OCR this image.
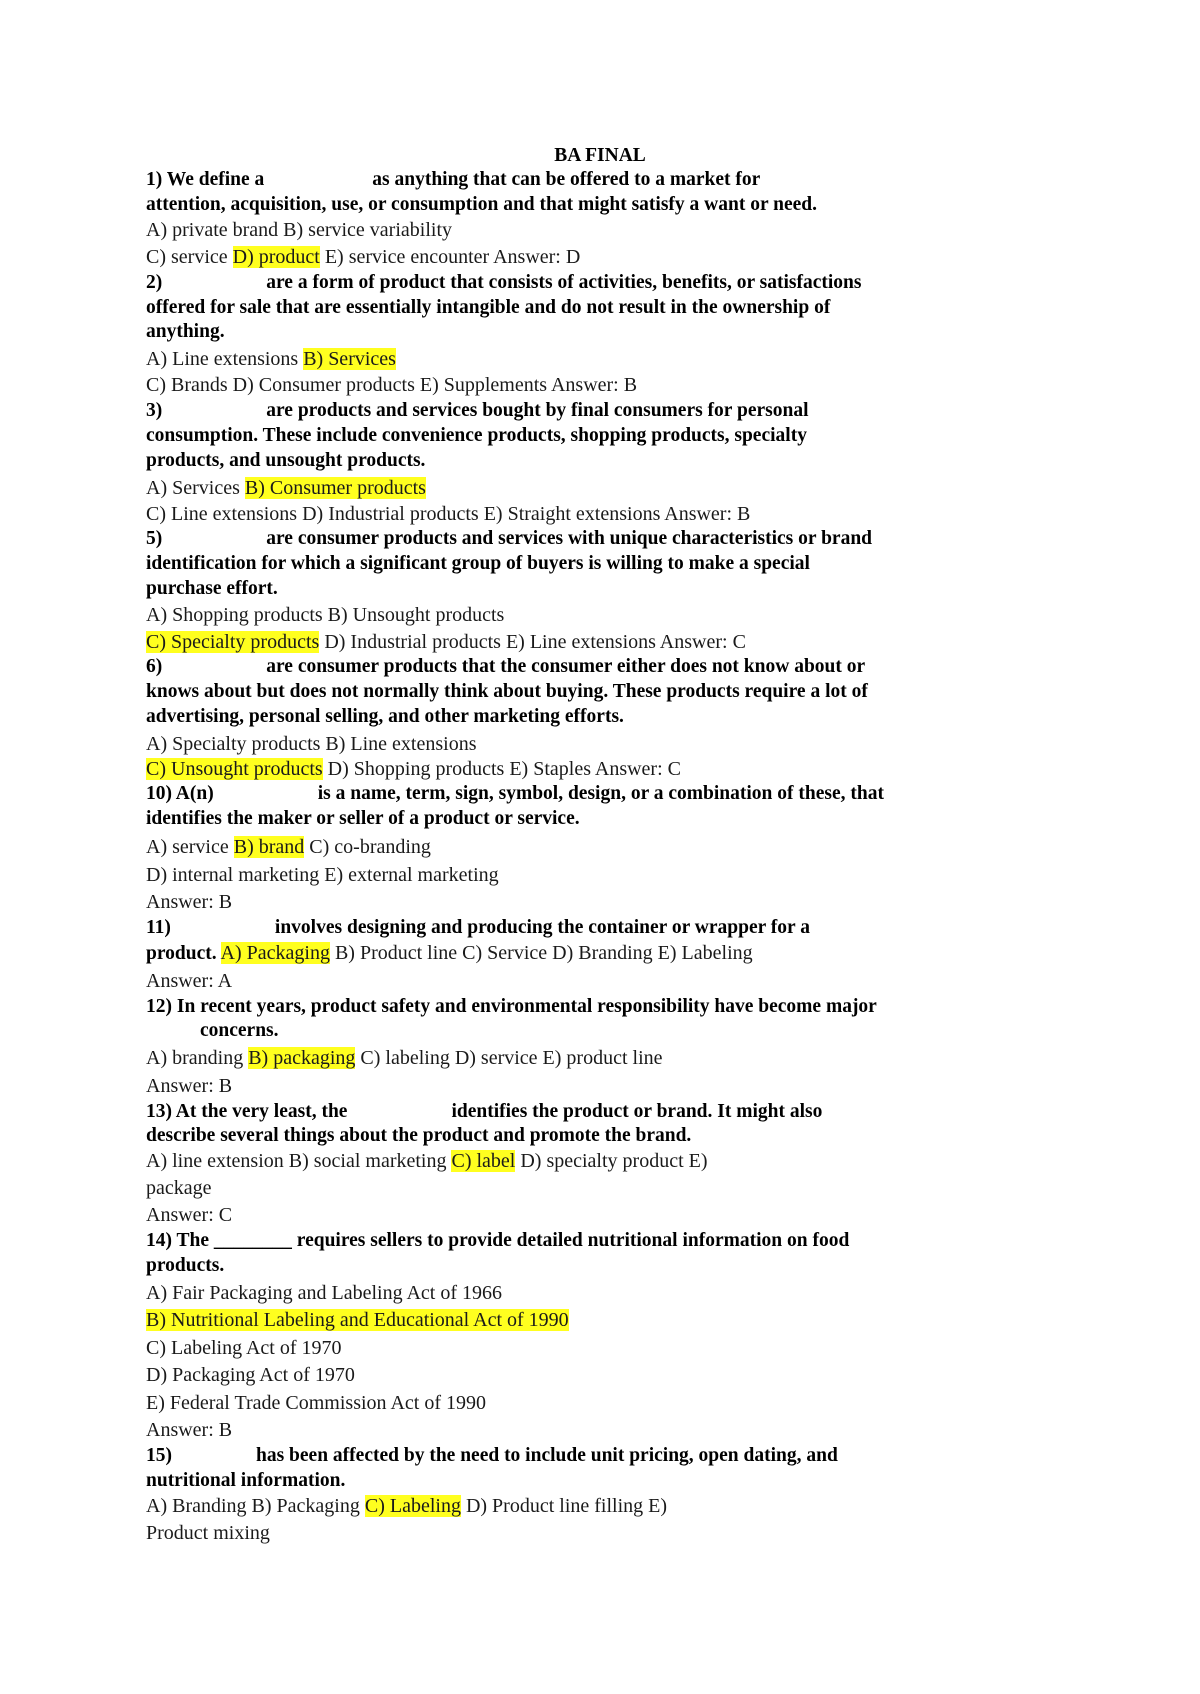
BA FINAL
1) We define a	as anything that can be offered to a market for
attention, acquisition, use, or consumption and that might satisfy a want or need.
A) private brand B) service variability
C) service D) product E) service encounter Answer: D
2)	are a form of product that consists of activities, benefits, or satisfactions
offered for sale that are essentially intangible and do not result in the ownership of
anything.
A) Line extensions B) Services
C) Brands D) Consumer products E) Supplements Answer: B
3)	are products and services bought by final consumers for personal
consumption. These include convenience products, shopping products, specialty
products, and unsought products.
A) Services B) Consumer products
C) Line extensions D) Industrial products E) Straight extensions Answer: B
5)	are consumer products and services with unique characteristics or brand
identification for which a significant group of buyers is willing to make a special
purchase effort.
A) Shopping products B) Unsought products
C) Specialty products D) Industrial products E) Line extensions Answer: C
6)	are consumer products that the consumer either does not know about or
knows about but does not normally think about buying. These products require a lot of
advertising, personal selling, and other marketing efforts.
A) Specialty products B) Line extensions
C) Unsought products D) Shopping products E) Staples Answer: C
10) A(n)	is a name, term, sign, symbol, design, or a combination of these, that
identifies the maker or seller of a product or service.
A) service B) brand C) co-branding
D) internal marketing E) external marketing
Answer: B
11)	involves designing and producing the container or wrapper for a
product. A) Packaging B) Product line C) Service D) Branding E) Labeling
Answer: A
12) In recent years, product safety and environmental responsibility have become major
concerns.
A) branding B) packaging C) labeling D) service E) product line
Answer: B
13) At the very least, the	identifies the product or brand. It might also
describe several things about the product and promote the brand.
A) line extension B) social marketing C) label D) specialty product E)
package
Answer: C
14) The ________ requires sellers to provide detailed nutritional information on food
products.
A) Fair Packaging and Labeling Act of 1966
B) Nutritional Labeling and Educational Act of 1990
C) Labeling Act of 1970
D) Packaging Act of 1970
E) Federal Trade Commission Act of 1990
Answer: B
15)	has been affected by the need to include unit pricing, open dating, and
nutritional information.
A) Branding B) Packaging C) Labeling D) Product line filling E)
Product mixing
